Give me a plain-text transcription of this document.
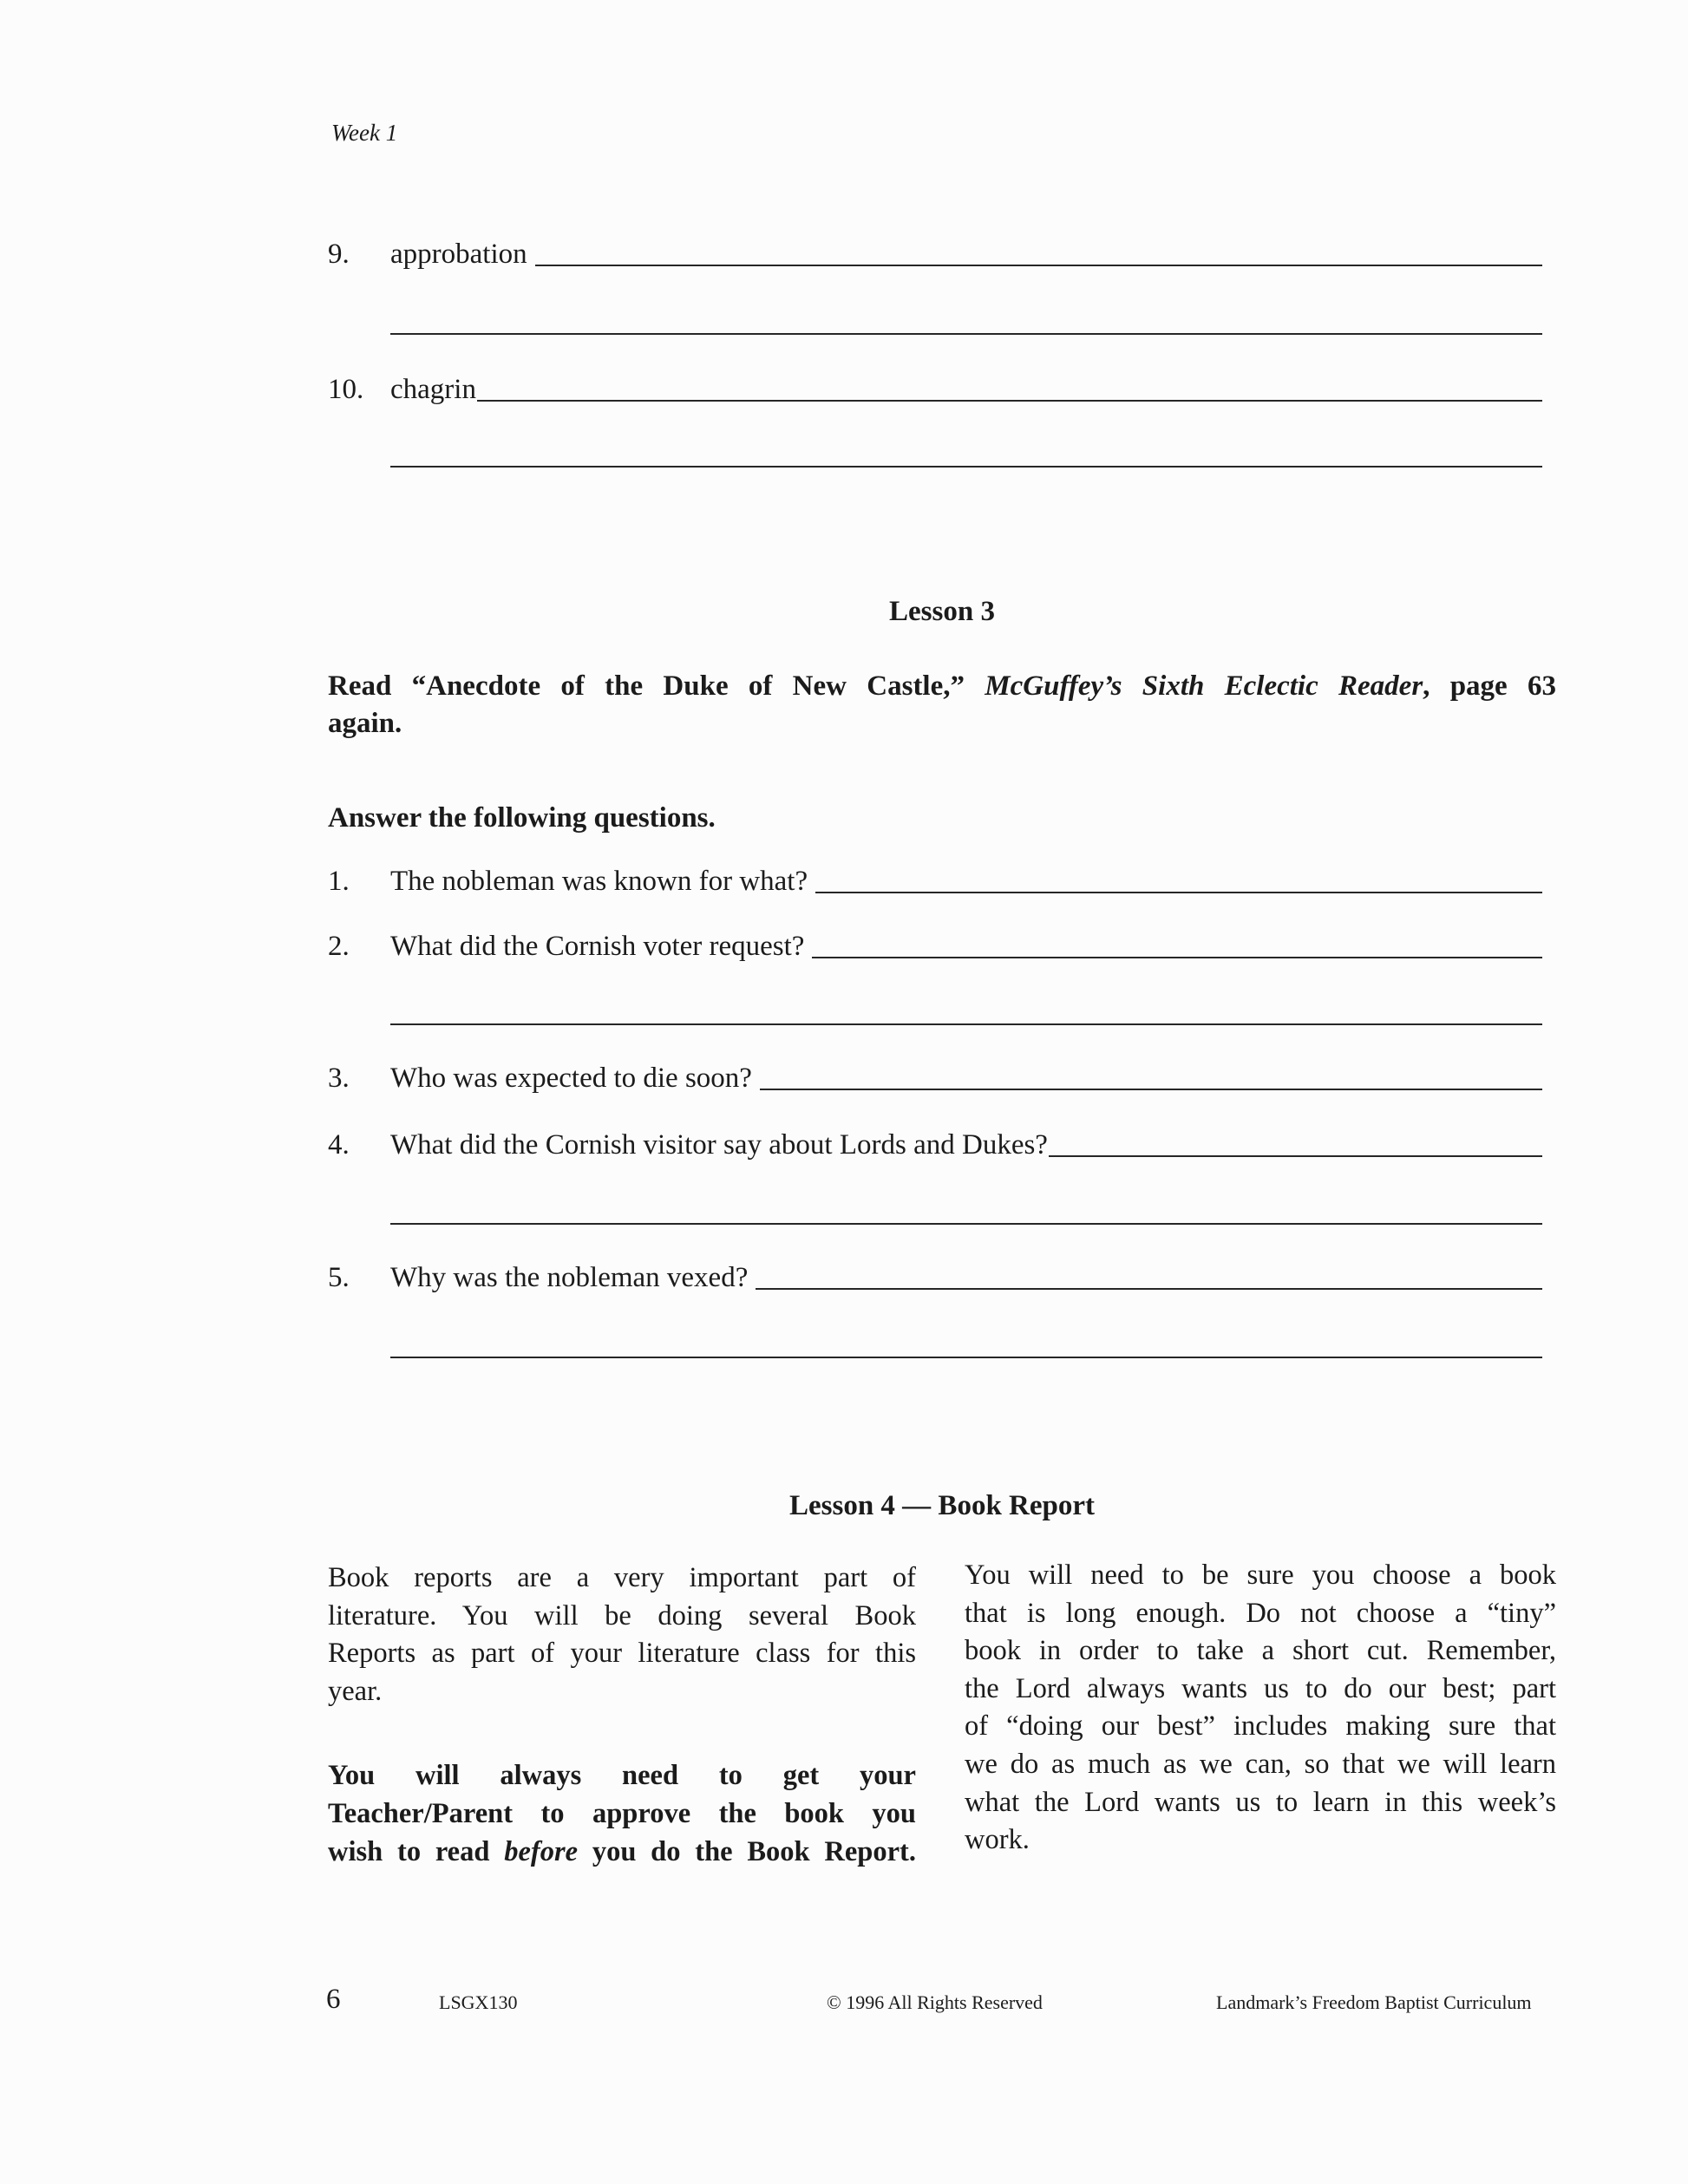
Week 1
9.	approbation
10. chagrin
Lesson 3
Read “Anecdote of the Duke of New Castle,” McGuffey’s Sixth Eclectic Reader, page 63
again.
Answer the following questions.
1.	The nobleman was known for what?
2.	What did the Cornish voter request?
3.	Who was expected to die soon?
4.	What did the Cornish visitor say about Lords and Dukes?
5.	Why was the nobleman vexed?
Lesson 4 — Book Report
Book reports are a very important part of
literature. You will be doing several Book
Reports as part of your literature class for this
year.
You will always need to get your
Teacher/Parent to approve the book you
wish to read before you do the Book Report.
You will need to be sure you choose a book
that is long enough. Do not choose a “tiny”
book in order to take a short cut. Remember,
the Lord always wants us to do our best; part
of “doing our best” includes making sure that
we do as much as we can, so that we will learn
what the Lord wants us to learn in this week’s
work.
6	LSGX130	© 1996 All Rights Reserved	Landmark’s Freedom Baptist Curriculum
